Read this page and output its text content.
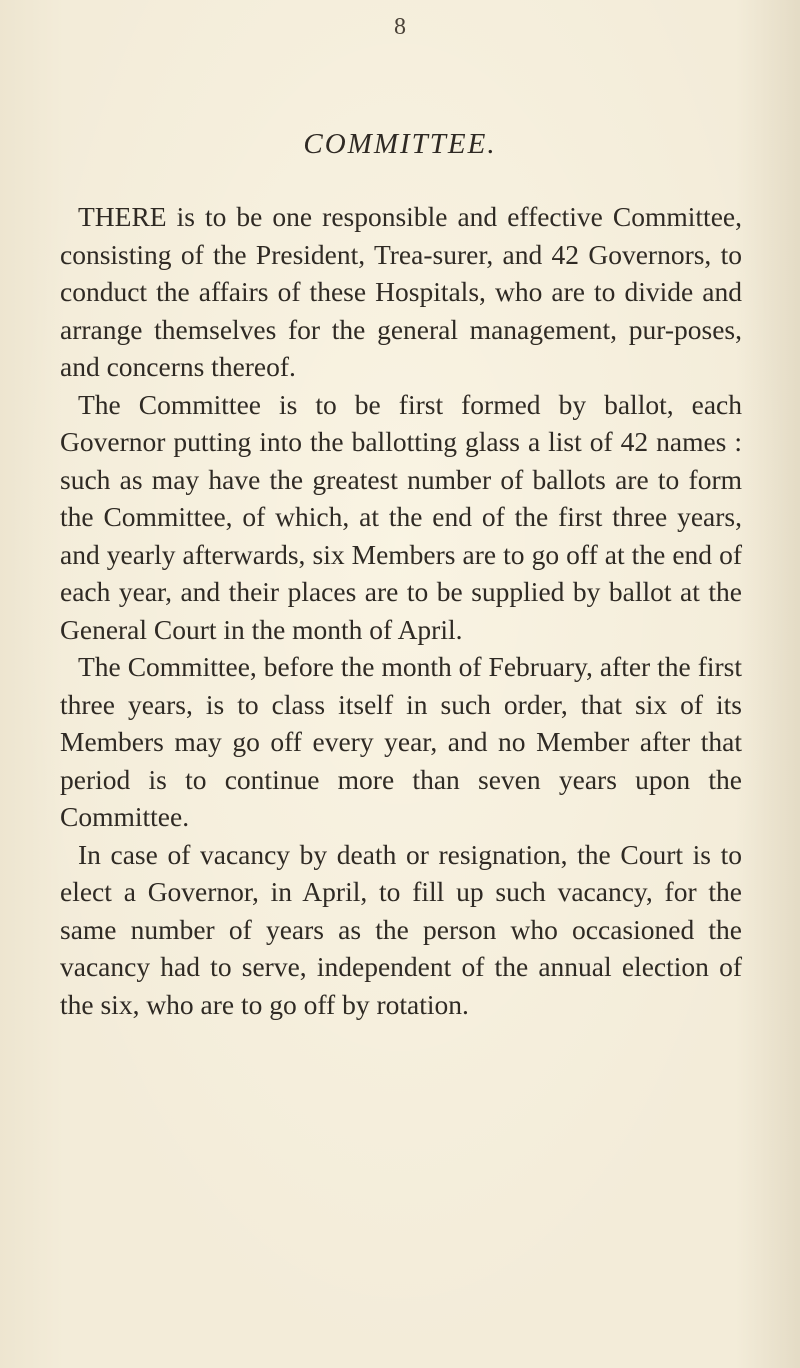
8
COMMITTEE.

THERE is to be one responsible and effective Committee, consisting of the President, Trea-surer, and 42 Governors, to conduct the affairs of these Hospitals, who are to divide and arrange themselves for the general management, pur-poses, and concerns thereof.

The Committee is to be first formed by ballot, each Governor putting into the ballotting glass a list of 42 names : such as may have the greatest number of ballots are to form the Committee, of which, at the end of the first three years, and yearly afterwards, six Members are to go off at the end of each year, and their places are to be supplied by ballot at the General Court in the month of April.

The Committee, before the month of February, after the first three years, is to class itself in such order, that six of its Members may go off every year, and no Member after that period is to continue more than seven years upon the Committee.

In case of vacancy by death or resignation, the Court is to elect a Governor, in April, to fill up such vacancy, for the same number of years as the person who occasioned the vacancy had to serve, independent of the annual election of the six, who are to go off by rotation.
